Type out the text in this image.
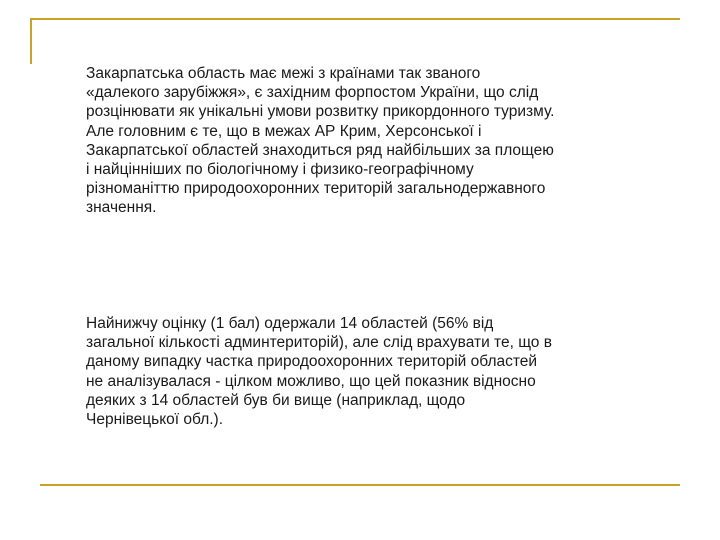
Закарпатська область має межі з країнами так званого
«далекого зарубіжжя», є західним форпостом України, що слід
розцінювати як унікальні умови розвитку прикордонного туризму.
Але головним є те, що в межах АР Крим, Херсонської і
Закарпатської областей знаходиться ряд найбільших за площею
і найцінніших по біологічному і физико-географічному
різноманіттю природоохоронних територій загальнодержавного
значення.

Найнижчу оцінку (1 бал) одержали 14 областей (56% від
загальної кількості админтериторій), але слід врахувати те, що в
даному випадку частка природоохоронних територій областей
не аналізувалася - цілком можливо, що цей показник відносно
деяких з 14 областей був би вище (наприклад, щодо
Чернівецької обл.).
